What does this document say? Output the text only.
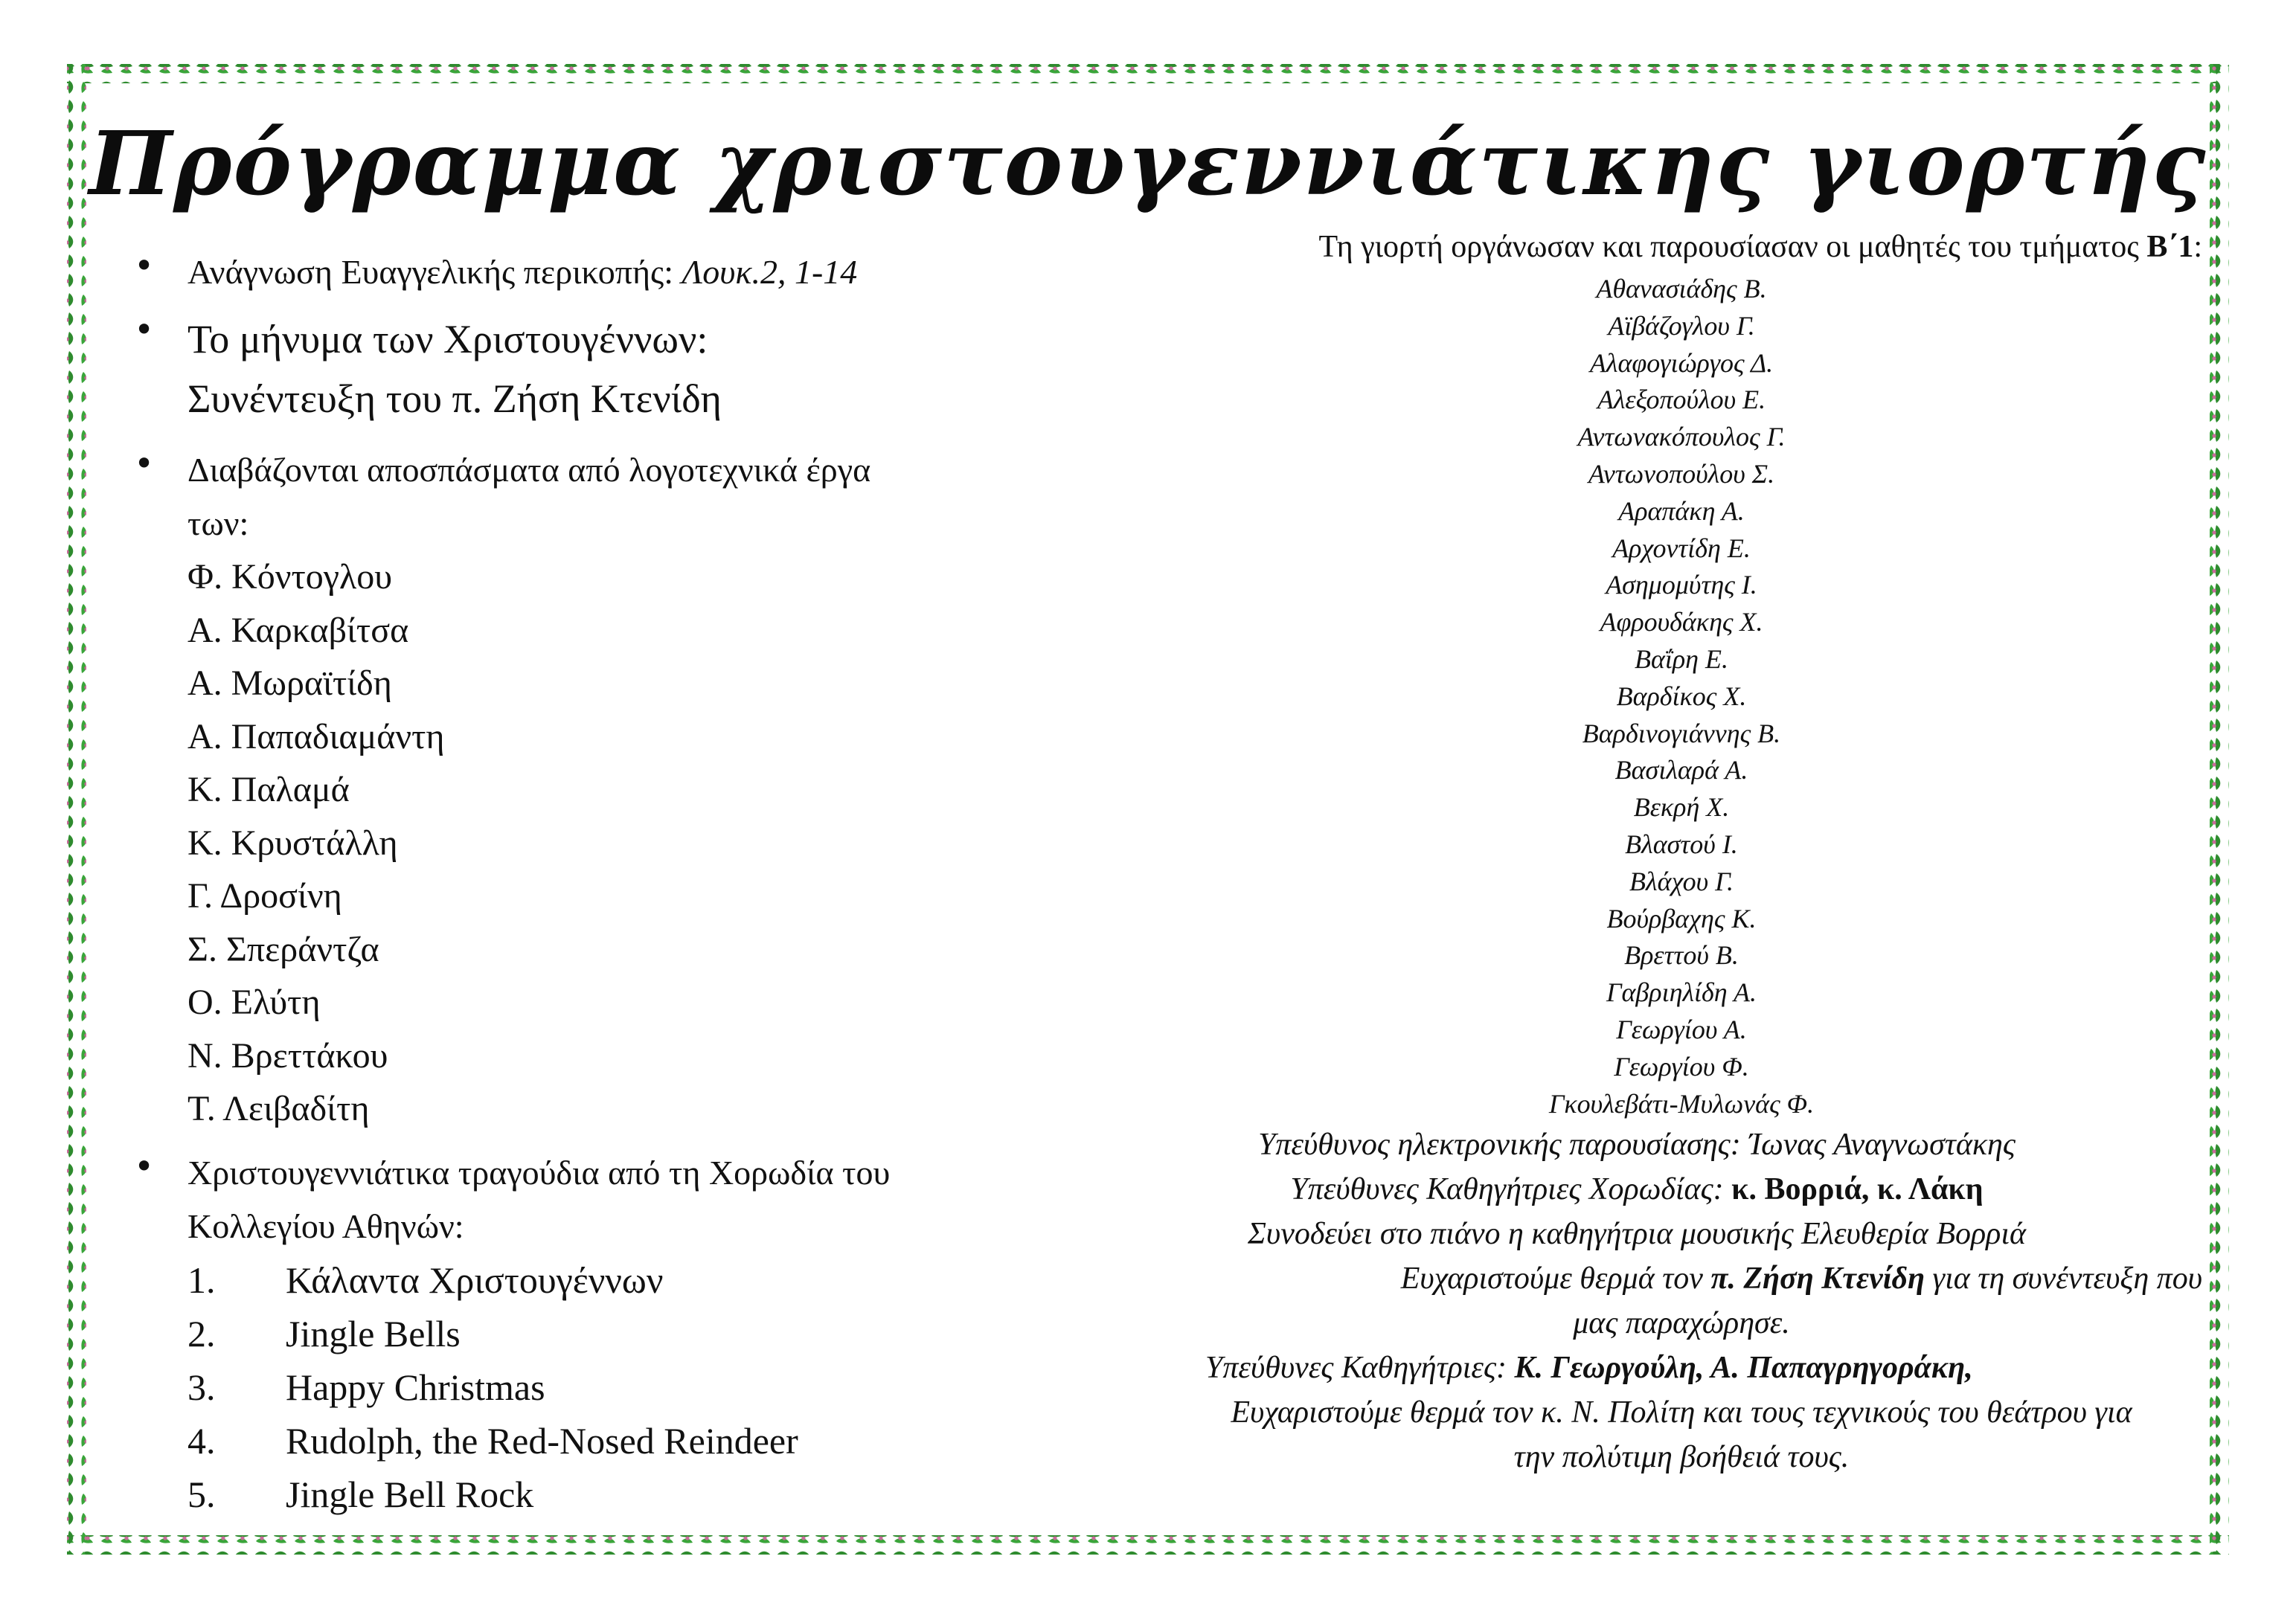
Πρόγραμμα χριστουγεννιάτικης γιορτής

• Ανάγνωση Ευαγγελικής περικοπής: Λουκ.2, 1-14

• Το μήνυμα των Χριστουγέννων:

Συνέντευξη του π. Ζήση Κτενίδη

• Διαβάζονται αποσπάσματα από λογοτεχνικά έργα

των:

Φ. Κόντογλου

Α. Καρκαβίτσα

Α. Μωραϊτίδη

Α. Παπαδιαμάντη

Κ. Παλαμά

Κ. Κρυστάλλη

Γ. Δροσίνη

Σ. Σπεράντζα

Ο. Ελύτη

Ν. Βρεττάκου

Τ. Λειβαδίτη

• Χριστουγεννιάτικα τραγούδια από τη Χορωδία του

Κολλεγίου Αθηνών:

1. Κάλαντα Χριστουγέννων
2. Jingle Bells
3. Happy Christmas
4. Rudolph, the Red-Nosed Reindeer
5. Jingle Bell Rock

Τη γιορτή οργάνωσαν και παρουσίασαν οι μαθητές του τμήματος Β΄1:

Αθανασιάδης Β.
Αϊβάζογλου Γ.
Αλαφογιώργος Δ.
Αλεξοπούλου Ε.
Αντωνακόπουλος Γ.
Αντωνοπούλου Σ.
Αραπάκη Α.
Αρχοντίδη Ε.
Ασημομύτης Ι.
Αφρουδάκης Χ.
Βαΐρη Ε.
Βαρδίκος Χ.
Βαρδινογιάννης Β.
Βασιλαρά Α.
Βεκρή Χ.
Βλαστού Ι.
Βλάχου Γ.
Βούρβαχης Κ.
Βρεττού Β.
Γαβριηλίδη Α.
Γεωργίου Α.
Γεωργίου Φ.
Γκουλεβάτι-Μυλωνάς Φ.

Υπεύθυνος ηλεκτρονικής παρουσίασης: Ίωνας Αναγνωστάκης

Υπεύθυνες Καθηγήτριες Χορωδίας: κ. Βορριά, κ. Λάκη

Συνοδεύει στο πιάνο η καθηγήτρια μουσικής Ελευθερία Βορριά

Ευχαριστούμε θερμά τον π. Ζήση Κτενίδη για τη συνέντευξη που

μας παραχώρησε.

Υπεύθυνες Καθηγήτριες: Κ. Γεωργούλη, Α. Παπαγρηγοράκη,

Ευχαριστούμε θερμά τον κ. Ν. Πολίτη και τους τεχνικούς του θεάτρου για

την πολύτιμη βοήθειά τους.
